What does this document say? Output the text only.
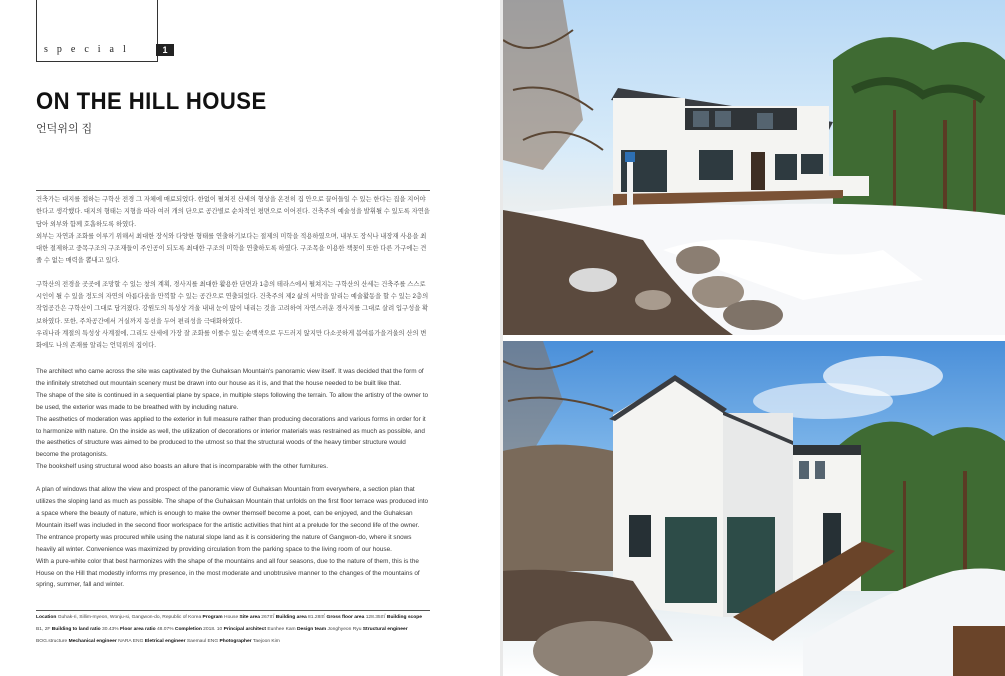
special	1
ON THE HILL HOUSE
언덕위의 집

건축가는 대지를 접하는 구학산 전경 그 자체에 매료되었다. 한없이 펼쳐진 산세의 형상을 온전히 집 안으로 끌어들일 수 있는 한다는 집을 지어야 한다고 생각했다. 대지의 형태는 지형을 따라 여러 개의 단으로 공간별로 순차적인 평면으로 이어진다. 건축주의 예술성을 발휘될 수 있도록 자연을 담아 외부와 함께 호흡하도록 하였다.
외부는 자연과 조화를 이루기 위해서 최대한 장식와 다양한 형태를 연출하기보다는 절제의 미학을 적용하였으며, 내부도 장식나 내장재 사용을 최대한 절제하고 중목구조의 구조재들이 주인공이 되도록 최대한 구조의 미학을 연출하도록 하였다. 구조목을 이용한 책꽂이 또한 다른 가구에는 견줄 수 없는 매력을 뽐내고 있다.

구학산의 전경을 곳곳에 조망할 수 있는 창의 계획, 경사지를 최대한 활용한 단면과 1층의 테라스에서 펼쳐지는 구학산의 산세는 건축주를 스스로 시인이 될 수 있을 정도의 자연의 아름다움을 만끽할 수 있는 공간으로 연출되었다. 건축주의 제2 삶의 서막을 알리는 예술활동을 할 수 있는 2층의 작업공간은 구학산이 그대로 담겨졌다. 강원도의 특성상 겨울 내내 눈이 많이 내리는 것을 고려하여 자연스러운 경사지를 그대로 살려 입구성을 확보하였다. 또한, 주차공간에서 거실까지 동선을 두어 편리성을 극대화하였다.
우리나라 계절의 특성상 사계절에, 그리도 산세에 가장 잘 조화를 이룰수 있는 순백색으로 두드러지 않지만 다소곳하게 봄여름가을겨울의 산의 변화에도 나의 존재를 알리는 언덕위의 집이다.

The architect who came across the site was captivated by the Guhaksan Mountain's panoramic view itself. It was decided that the form of the infinitely stretched out mountain scenery must be drawn into our house as it is, and that the house needed to be built like that.
The shape of the site is continued in a sequential plane by space, in multiple steps following the terrain. To allow the artistry of the owner to be used, the exterior was made to be breathed with by including nature.
The aesthetics of moderation was applied to the exterior in full measure rather than producing decorations and various forms in order for it to harmonize with nature. On the inside as well, the utilization of decorations or interior materials was restrained as much as possible, and the aesthetics of structure was aimed to be produced to the utmost so that the structural woods of the heavy timber structure would become the protagonists.
The bookshelf using structural wood also boasts an allure that is incomparable with the other furnitures.

A plan of windows that allow the view and prospect of the panoramic view of Guhaksan Mountain from everywhere, a section plan that utilizes the sloping land as much as possible. The shape of the Guhaksan Mountain that unfolds on the first floor terrace was produced into a space where the beauty of nature, which is enough to make the owner themself become a poet, can be enjoyed, and the Guhaksan Mountain itself was included in the second floor workspace for the artistic activities that hint at a prelude for the second life of the owner.
The entrance property was procured while using the natural slope land as it is considering the nature of Gangwon-do, where it snows heavily all winter. Convenience was maximized by providing circulation from the parking space to the living room of our house.
With a pure-white color that best harmonizes with the shape of the mountains and all four seasons, due to the nature of them, this is the House on the Hill that modestly informs my presence, in the most moderate and unobtrusive manner to the changes of the mountains of spring, summer, fall and winter.

Location Guhak-ri, Sillim-myeon, Wonju-si, Gangwon-do, Republic of Korea Program House Site area 267㎡ Building area 81.28㎡ Gross floor area 128.35㎡ Building scope B1, 2F Building to land ratio 30.43% Floor area ratio 48.07% Completion 2018. 10 Principal architect Eunhee Kam Design team Jonghyeon Ryu Structural engineer BOG.structure Mechanical engineer NARA ENG Eletrical engineer Saemaul ENG Photographer Taejoon Kim
